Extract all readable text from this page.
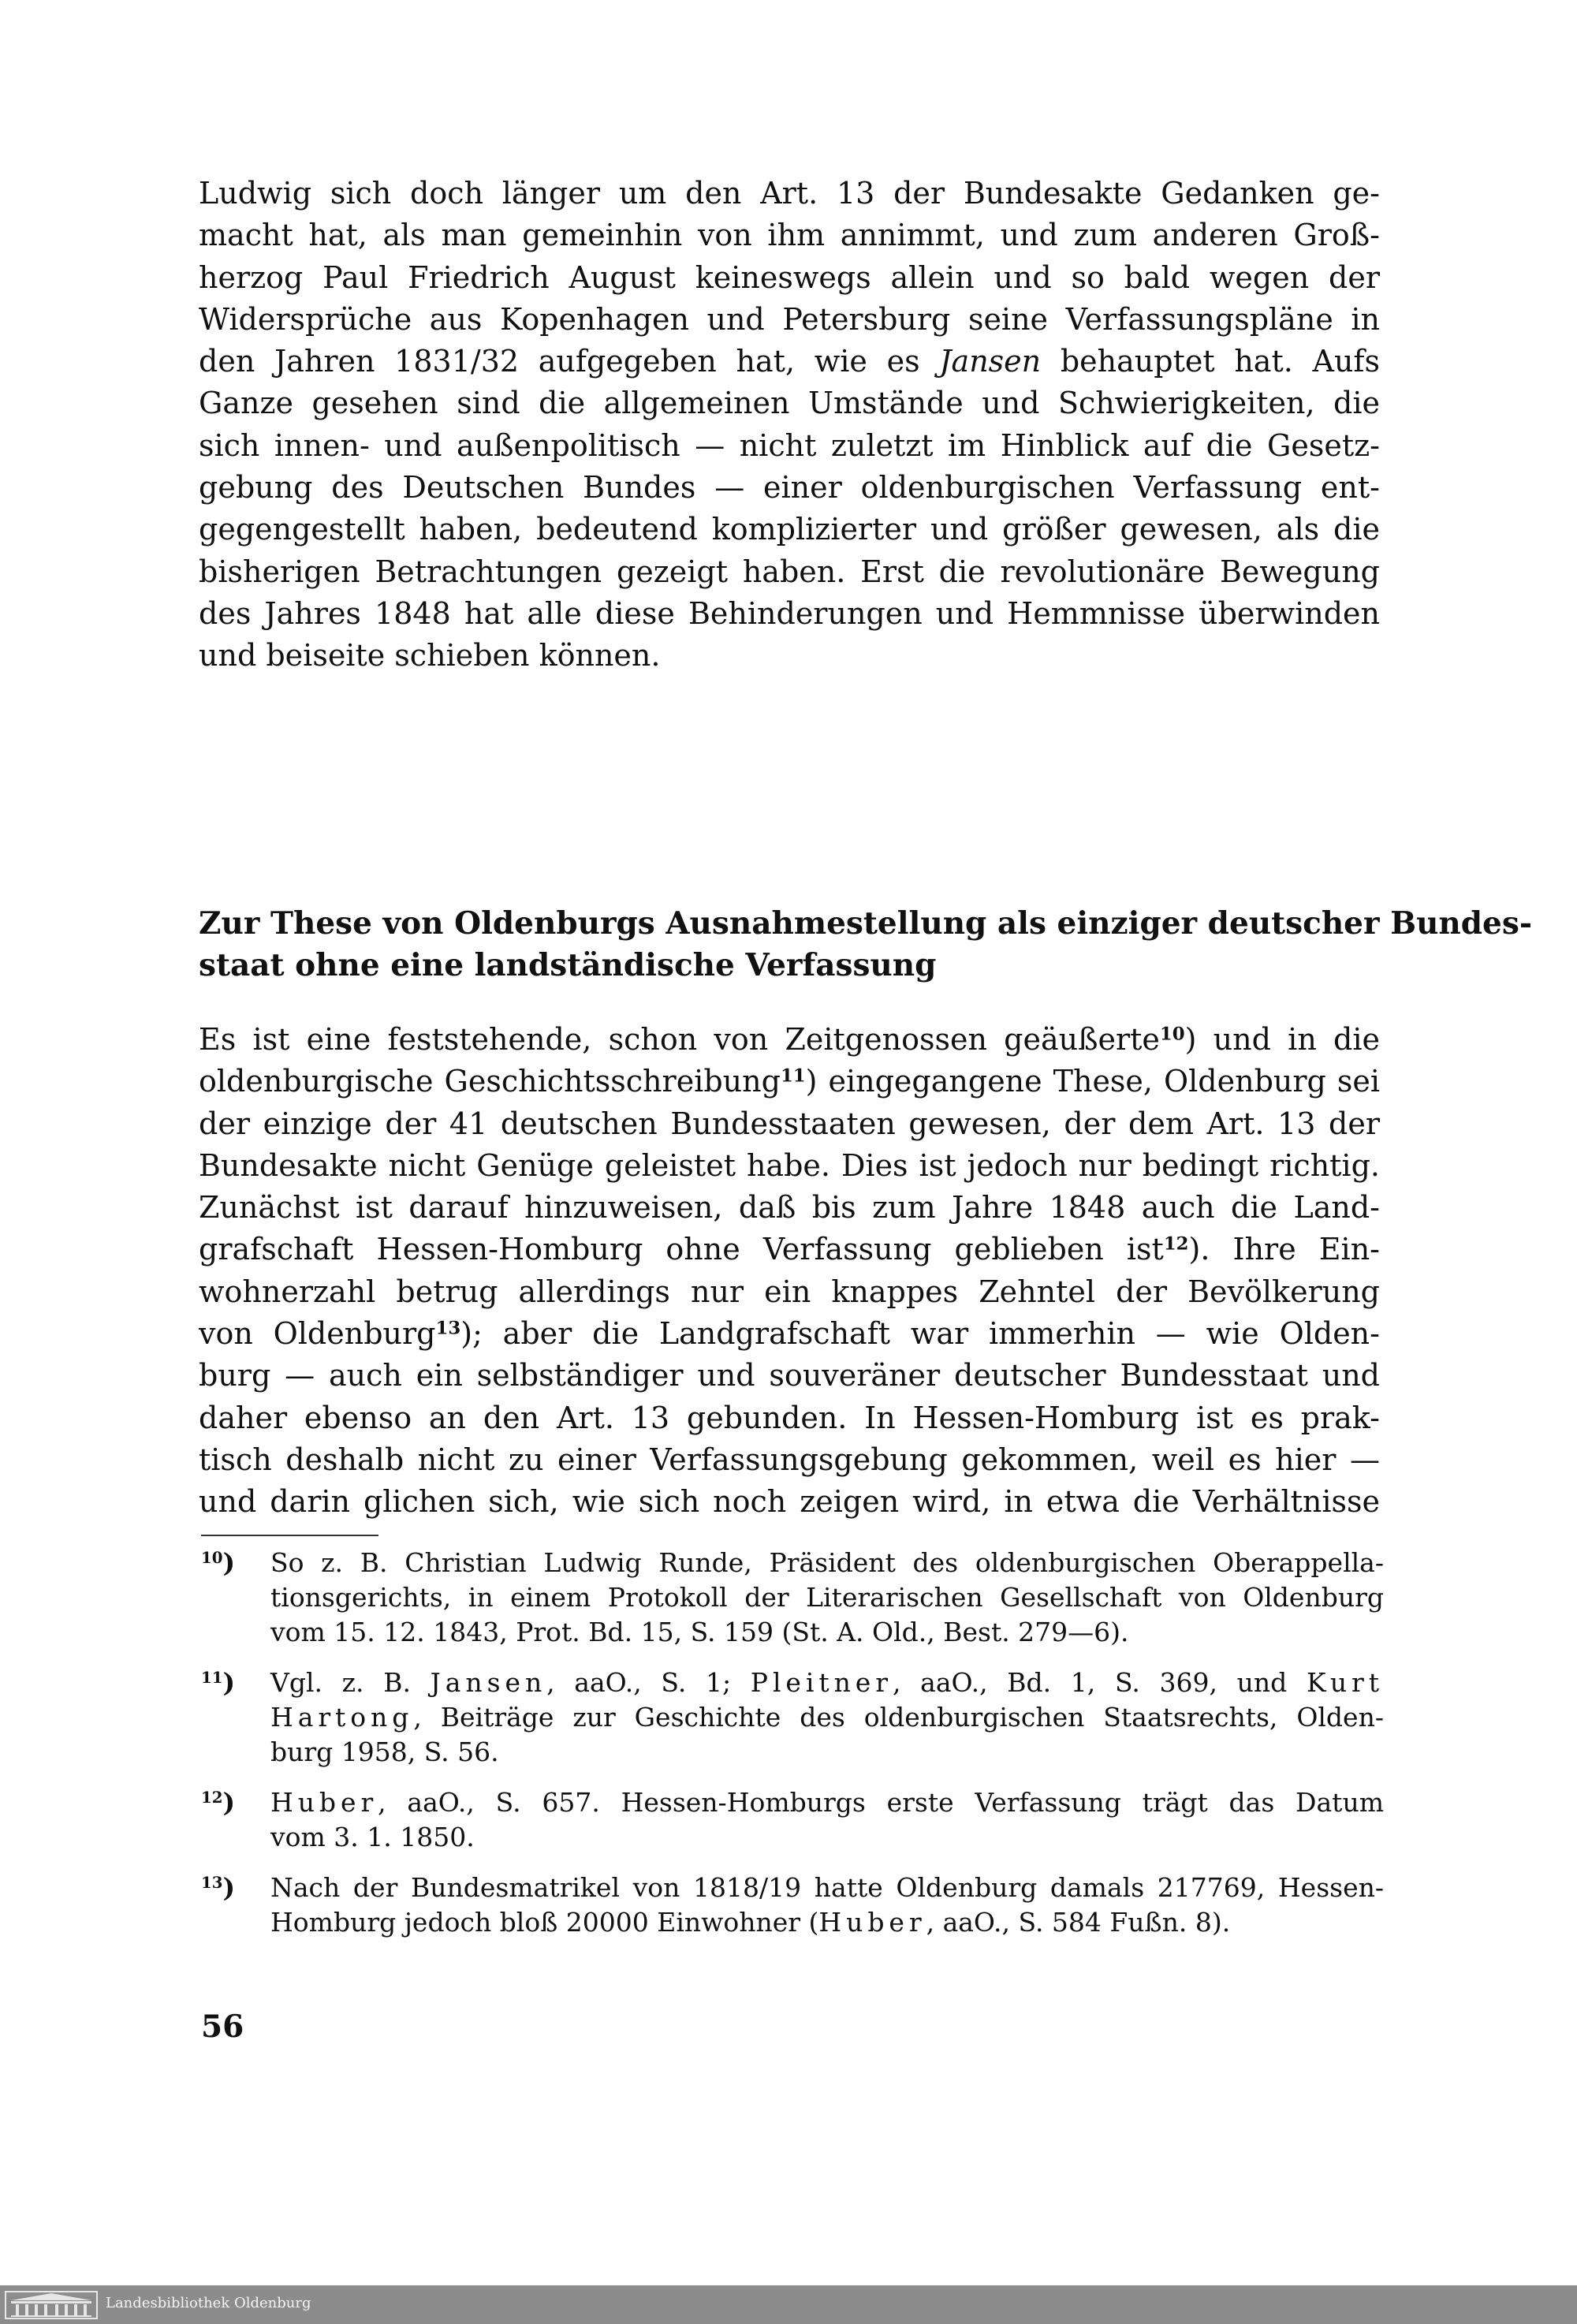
Ludwig sich doch länger um den Art. 13 der Bundesakte Gedanken ge-
macht hat, als man gemeinhin von ihm annimmt, und zum anderen Groß-
herzog Paul Friedrich August keineswegs allein und so bald wegen der
Widersprüche aus Kopenhagen und Petersburg seine Verfassungspläne in
den Jahren 1831/32 aufgegeben hat, wie es Jansen behauptet hat. Aufs
Ganze gesehen sind die allgemeinen Umstände und Schwierigkeiten, die
sich innen- und außenpolitisch — nicht zuletzt im Hinblick auf die Gesetz-
gebung des Deutschen Bundes — einer oldenburgischen Verfassung ent-
gegengestellt haben, bedeutend komplizierter und größer gewesen, als die
bisherigen Betrachtungen gezeigt haben. Erst die revolutionäre Bewegung
des Jahres 1848 hat alle diese Behinderungen und Hemmnisse überwinden
und beiseite schieben können.
Zur These von Oldenburgs Ausnahmestellung als einziger deutscher Bundes-
staat ohne eine landständische Verfassung
Es ist eine feststehende, schon von Zeitgenossen geäußerte$^{10}$) und in die
oldenburgische Geschichtsschreibung$^{11}$) eingegangene These, Oldenburg sei
der einzige der 41 deutschen Bundesstaaten gewesen, der dem Art. 13 der
Bundesakte nicht Genüge geleistet habe. Dies ist jedoch nur bedingt richtig.
Zunächst ist darauf hinzuweisen, daß bis zum Jahre 1848 auch die Land-
grafschaft Hessen-Homburg ohne Verfassung geblieben ist$^{12}$). Ihre Ein-
wohnerzahl betrug allerdings nur ein knappes Zehntel der Bevölkerung
von Oldenburg$^{13}$); aber die Landgrafschaft war immerhin — wie Olden-
burg — auch ein selbständiger und souveräner deutscher Bundesstaat und
daher ebenso an den Art. 13 gebunden. In Hessen-Homburg ist es prak-
tisch deshalb nicht zu einer Verfassungsgebung gekommen, weil es hier —
und darin glichen sich, wie sich noch zeigen wird, in etwa die Verhältnisse
$^{10}$) So z. B. Christian Ludwig Runde, Präsident des oldenburgischen Oberappella-
tionsgerichts, in einem Protokoll der Literarischen Gesellschaft von Oldenburg
vom 15. 12. 1843, Prot. Bd. 15, S. 159 (St. A. Old., Best. 279—6).
$^{11}$) Vgl. z. B. Jansen, aaO., S. 1; Pleitner, aaO., Bd. 1, S. 369, und Kurt
Hartong, Beiträge zur Geschichte des oldenburgischen Staatsrechts, Olden-
burg 1958, S. 56.
$^{12}$) Huber, aaO., S. 657. Hessen-Homburgs erste Verfassung trägt das Datum
vom 3. 1. 1850.
$^{13}$) Nach der Bundesmatrikel von 1818/19 hatte Oldenburg damals 217769, Hessen-
Homburg jedoch bloß 20000 Einwohner (Huber, aaO., S. 584 Fußn. 8).
56
Landesbibliothek Oldenburg
